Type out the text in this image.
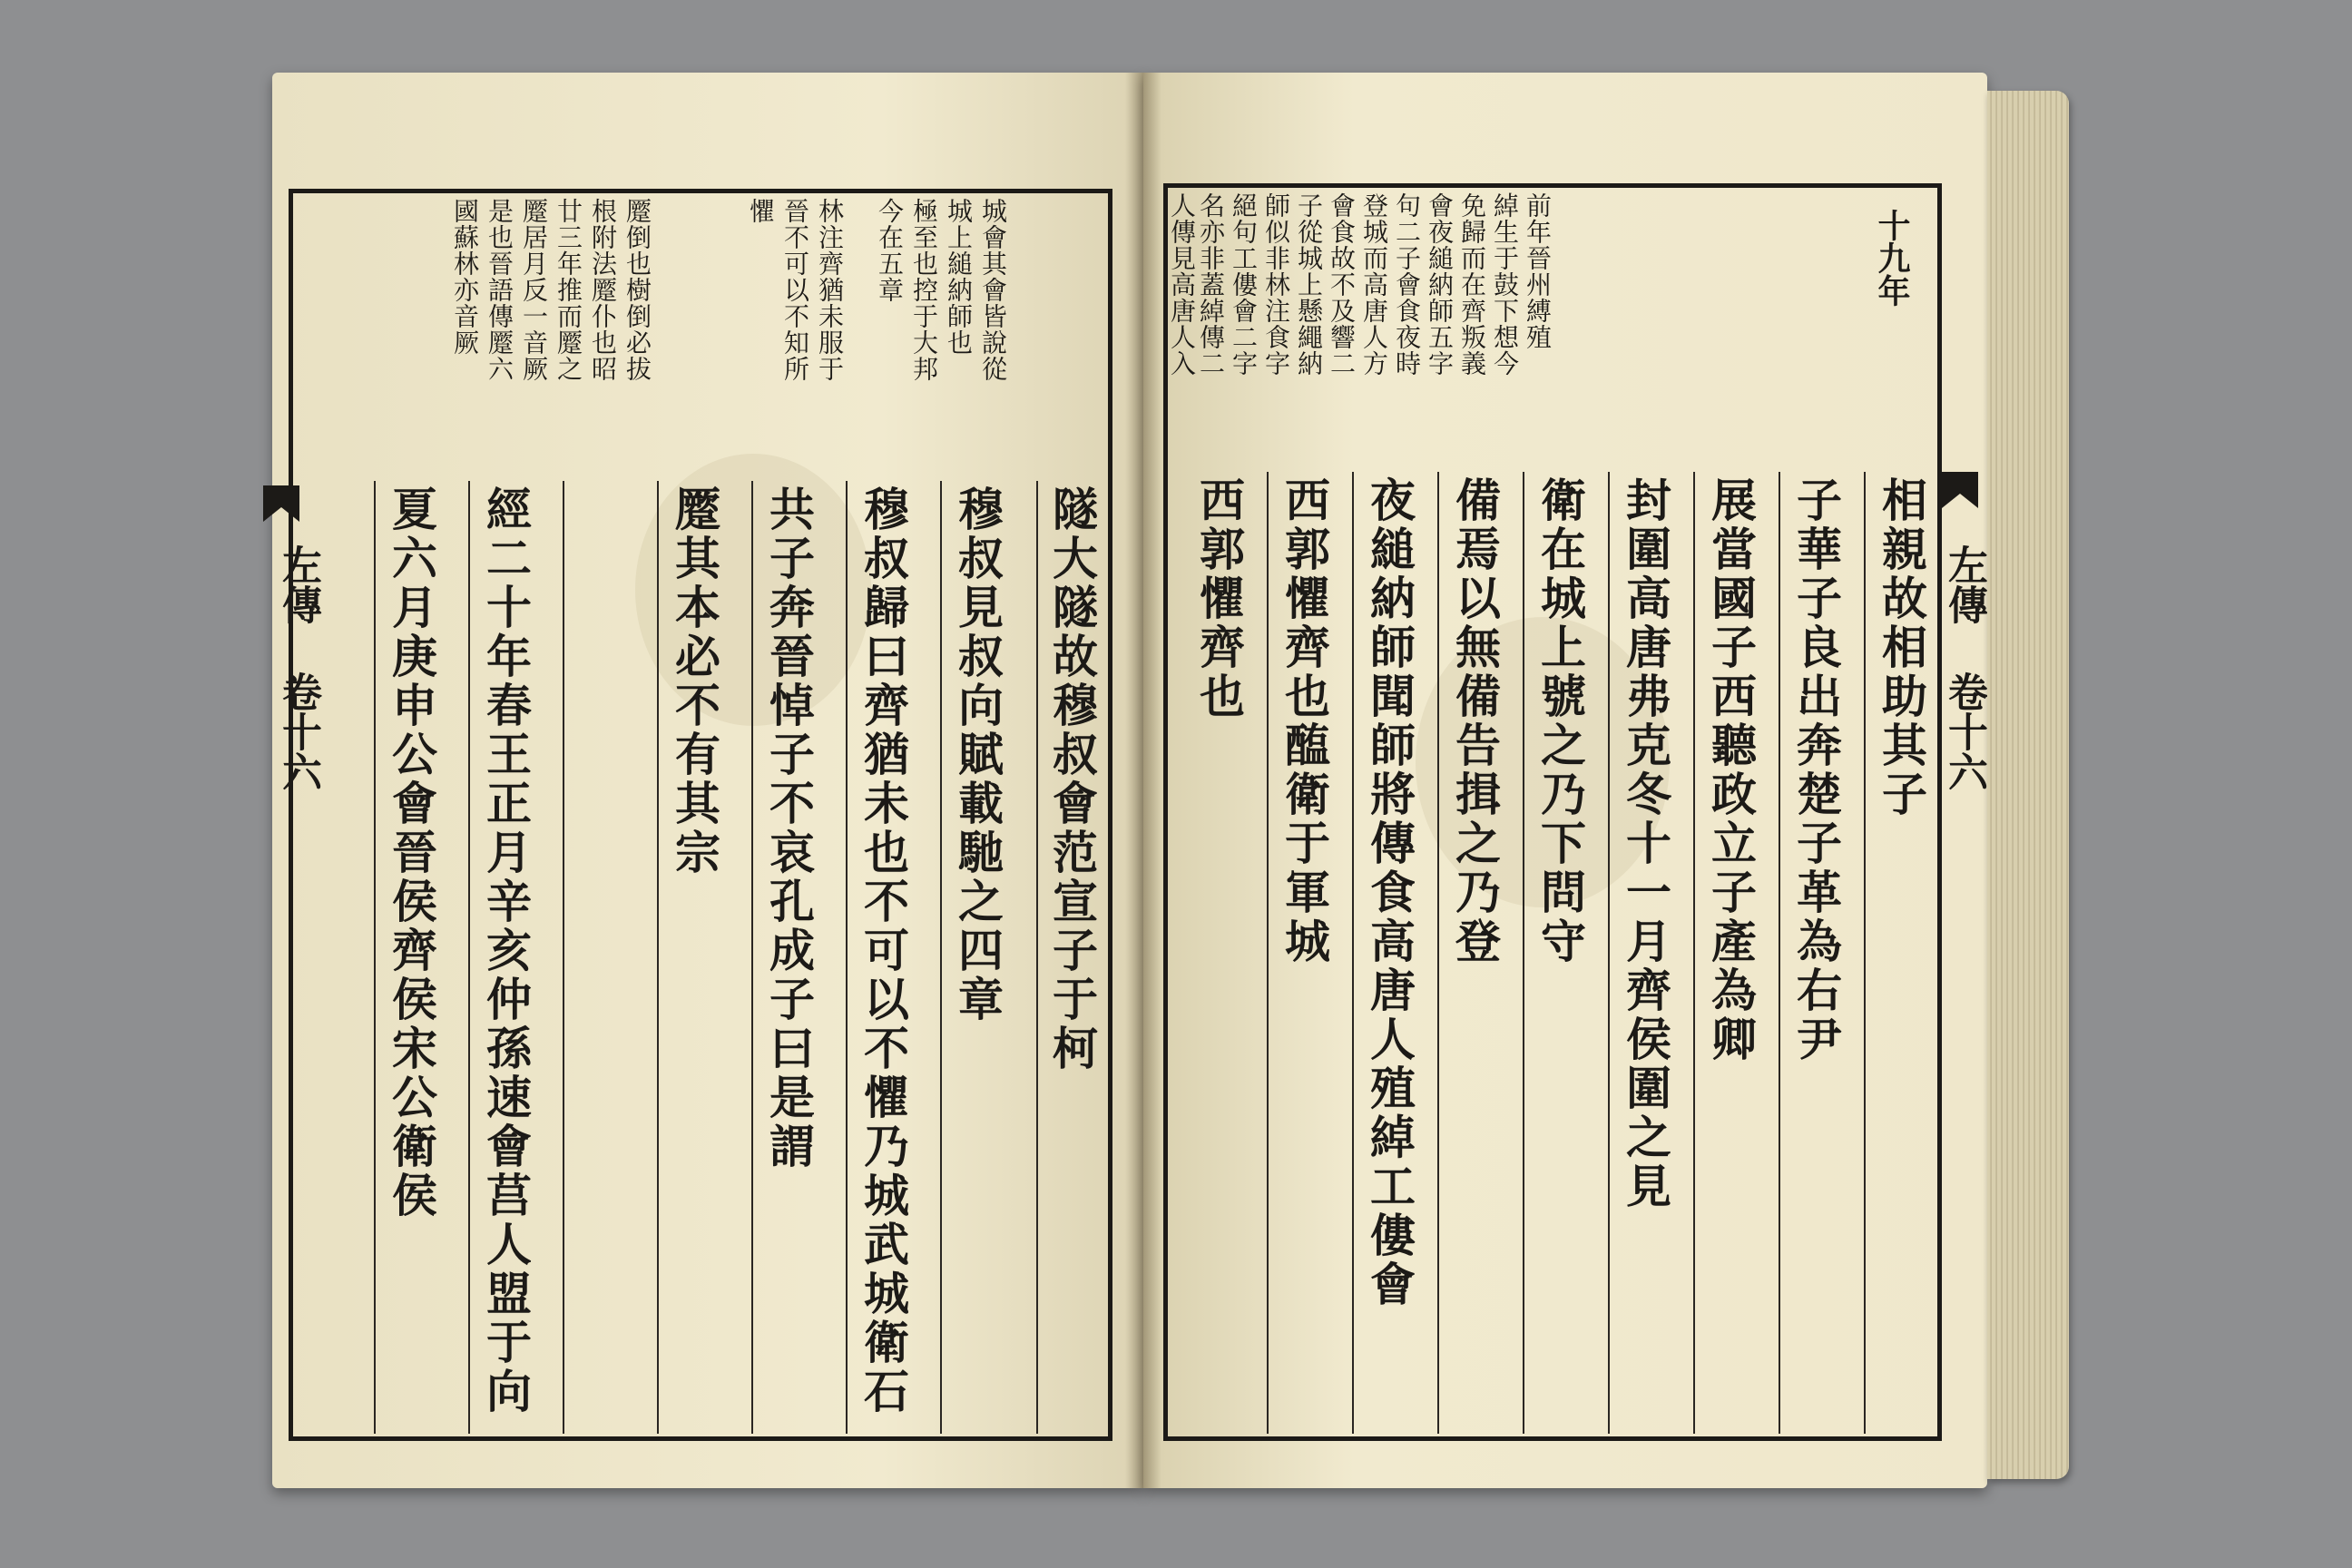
城會其會皆說從
城上縋納師也
極至也控于大邦
今在五章
林注齊猶未服于
晉不可以不知所
懼
蹷倒也樹倒必拔
根附法蹷仆也昭
廿三年推而蹷之
蹷居月反一音厥
是也晉語傳蹷六
國蘇林亦音厥
隧大隧故穆叔會范宣子于柯
穆叔見叔向賦載馳之四章
穆叔歸曰齊猶未也不可以不懼乃城武城衛石
共子奔晉悼子不哀孔成子曰是謂
蹷其本必不有其宗
經二十年春王正月辛亥仲孫速會莒人盟于向
夏六月庚申公會晉侯齊侯宋公衛侯
左傳
卷十六
前年晉州縛殖
綽生于鼓下想今
免歸而在齊叛義
會夜縋納師五字
句二子會食夜時
登城而高唐人方
會食故不及響二
子從城上懸繩納
師似非林注食字
絕句工僂會二字
名亦非蓋綽傳二
人傳見高唐人入	十九年
相親故相助其子
子華子良出奔楚子革為右尹
展當國子西聽政立子產為卿
封圍高唐弗克冬十一月齊侯圍之見
衛在城上號之乃下問守
備焉以無備告揖之乃登
夜縋納師聞師將傳食高唐人殖綽工僂會
西郭懼齊也醢衛于軍城
西郭懼齊也	左傳
卷十六
